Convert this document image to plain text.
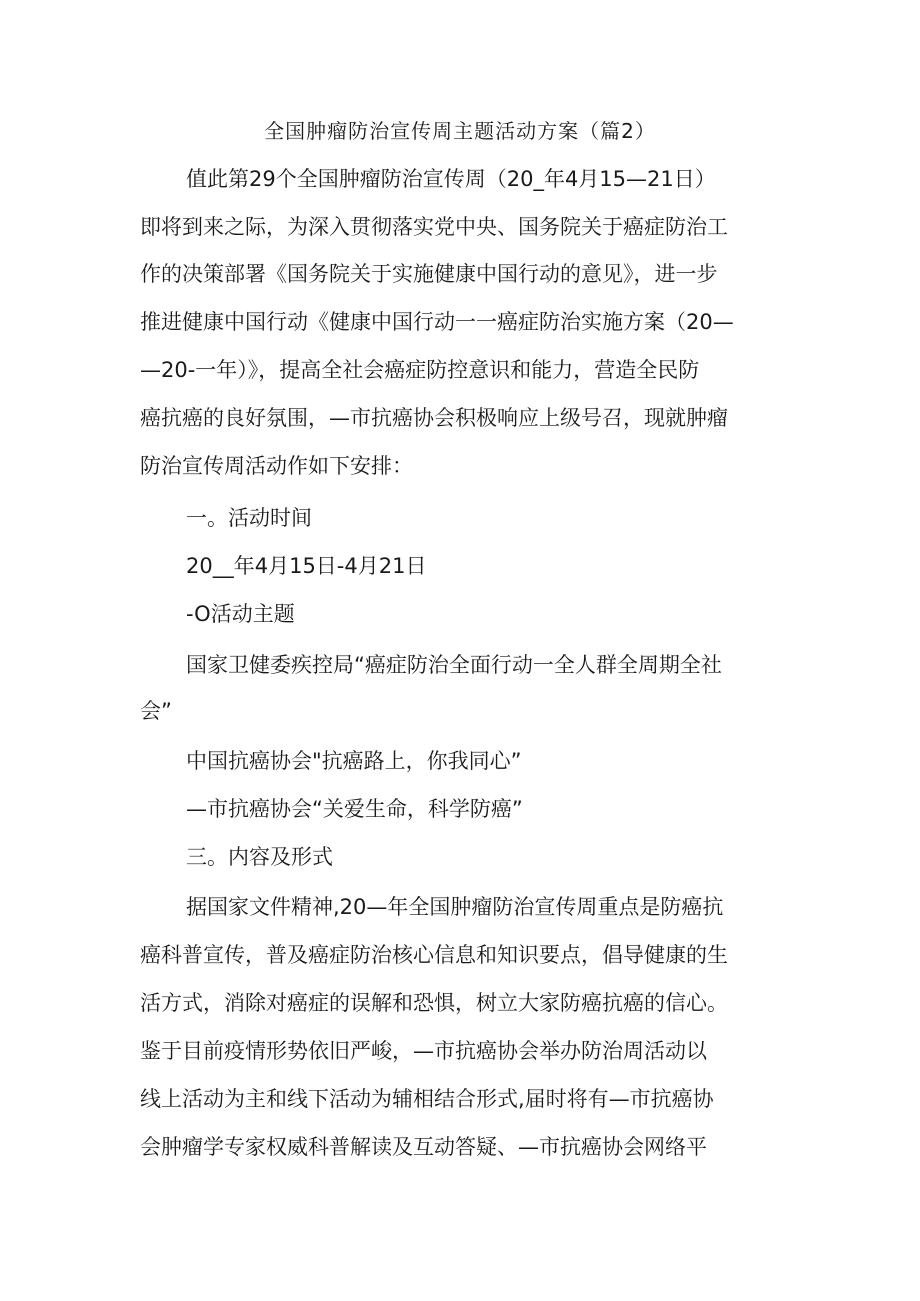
全国肿瘤防治宣传周主题活动方案（篇2）
值此第29个全国肿瘤防治宣传周（20_年4月15—21日）
即将到来之际，为深入贯彻落实党中央、国务院关于癌症防治工
作的决策部署《国务院关于实施健康中国行动的意见》，进一步
推进健康中国行动《健康中国行动一一癌症防治实施方案（20—
—20-一年）》，提高全社会癌症防控意识和能力，营造全民防
癌抗癌的良好氛围，—市抗癌协会积极响应上级号召，现就肿瘤
防治宣传周活动作如下安排：
一。活动时间
20__年4月15日-4月21日
-O活动主题
国家卫健委疾控局“癌症防治全面行动一全人群全周期全社
会”
中国抗癌协会"抗癌路上，你我同心”
—市抗癌协会“关爱生命，科学防癌”
三。内容及形式
据国家文件精神,20—年全国肿瘤防治宣传周重点是防癌抗
癌科普宣传，普及癌症防治核心信息和知识要点，倡导健康的生
活方式，消除对癌症的误解和恐惧，树立大家防癌抗癌的信心。
鉴于目前疫情形势依旧严峻，—市抗癌协会举办防治周活动以
线上活动为主和线下活动为辅相结合形式,届时将有—市抗癌协
会肿瘤学专家权威科普解读及互动答疑、—市抗癌协会网络平
